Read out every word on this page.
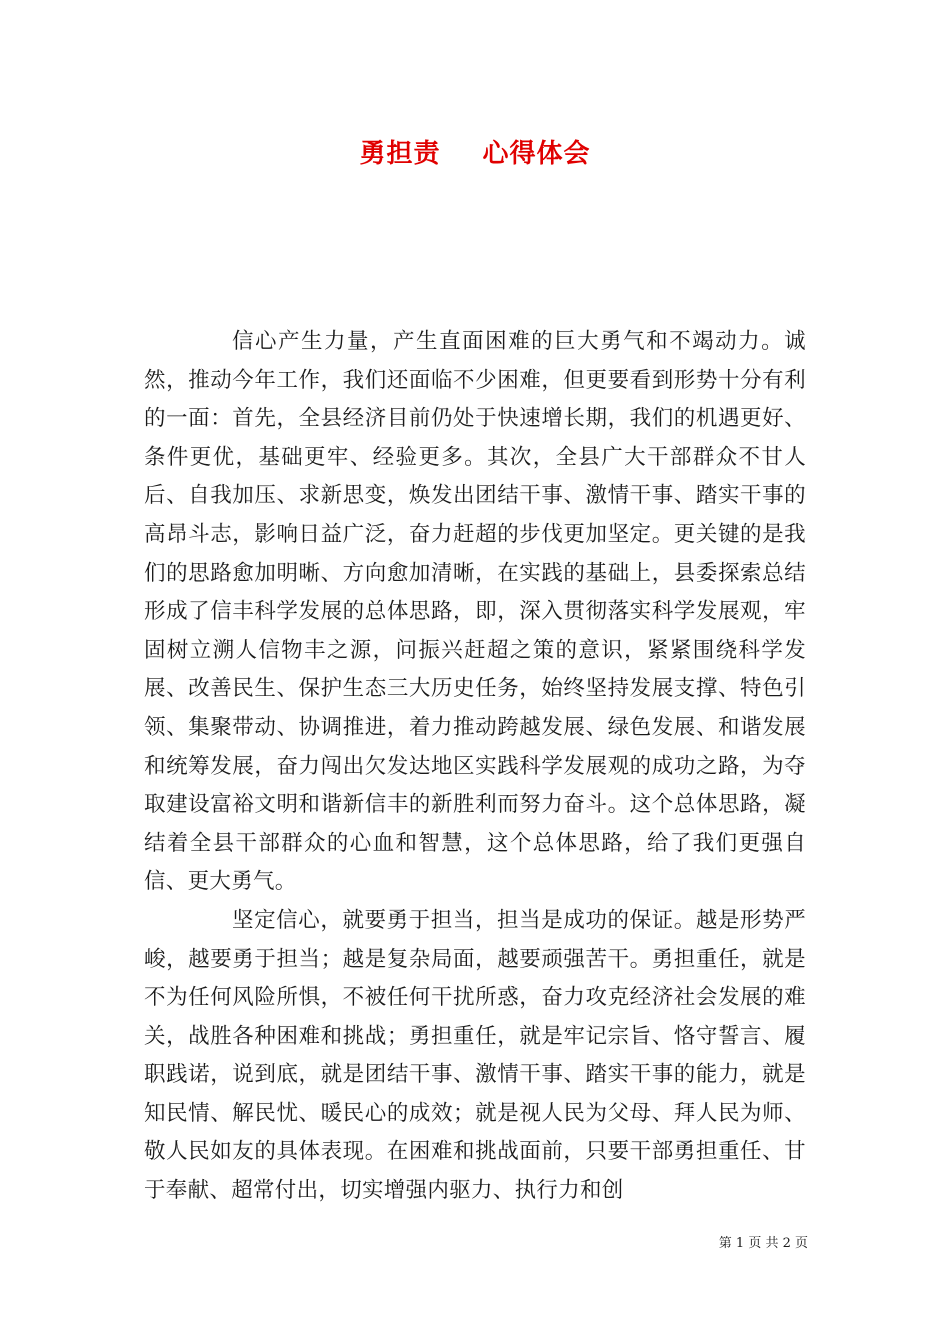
勇担责 心得体会

信心产生力量，产生直面困难的巨大勇气和不竭动力。诚然，推动今年工作，我们还面临不少困难，但更要看到形势十分有利的一面：首先，全县经济目前仍处于快速增长期，我们的机遇更好、条件更优，基础更牢、经验更多。其次，全县广大干部群众不甘人后、自我加压、求新思变，焕发出团结干事、激情干事、踏实干事的高昂斗志，影响日益广泛，奋力赶超的步伐更加坚定。更关键的是我们的思路愈加明晰、方向愈加清晰，在实践的基础上，县委探索总结形成了信丰科学发展的总体思路，即，深入贯彻落实科学发展观，牢固树立溯人信物丰之源，问振兴赶超之策的意识，紧紧围绕科学发展、改善民生、保护生态三大历史任务，始终坚持发展支撑、特色引领、集聚带动、协调推进，着力推动跨越发展、绿色发展、和谐发展和统筹发展，奋力闯出欠发达地区实践科学发展观的成功之路，为夺取建设富裕文明和谐新信丰的新胜利而努力奋斗。这个总体思路，凝结着全县干部群众的心血和智慧，这个总体思路，给了我们更强自信、更大勇气。

坚定信心，就要勇于担当，担当是成功的保证。越是形势严峻，越要勇于担当；越是复杂局面，越要顽强苦干。勇担重任，就是不为任何风险所惧，不被任何干扰所惑，奋力攻克经济社会发展的难关，战胜各种困难和挑战；勇担重任，就是牢记宗旨、恪守誓言、履职践诺，说到底，就是团结干事、激情干事、踏实干事的能力，就是知民情、解民忧、暖民心的成效；就是视人民为父母、拜人民为师、敬人民如友的具体表现。在困难和挑战面前，只要干部勇担重任、甘于奉献、超常付出，切实增强内驱力、执行力和创

第 1 页 共 2 页
